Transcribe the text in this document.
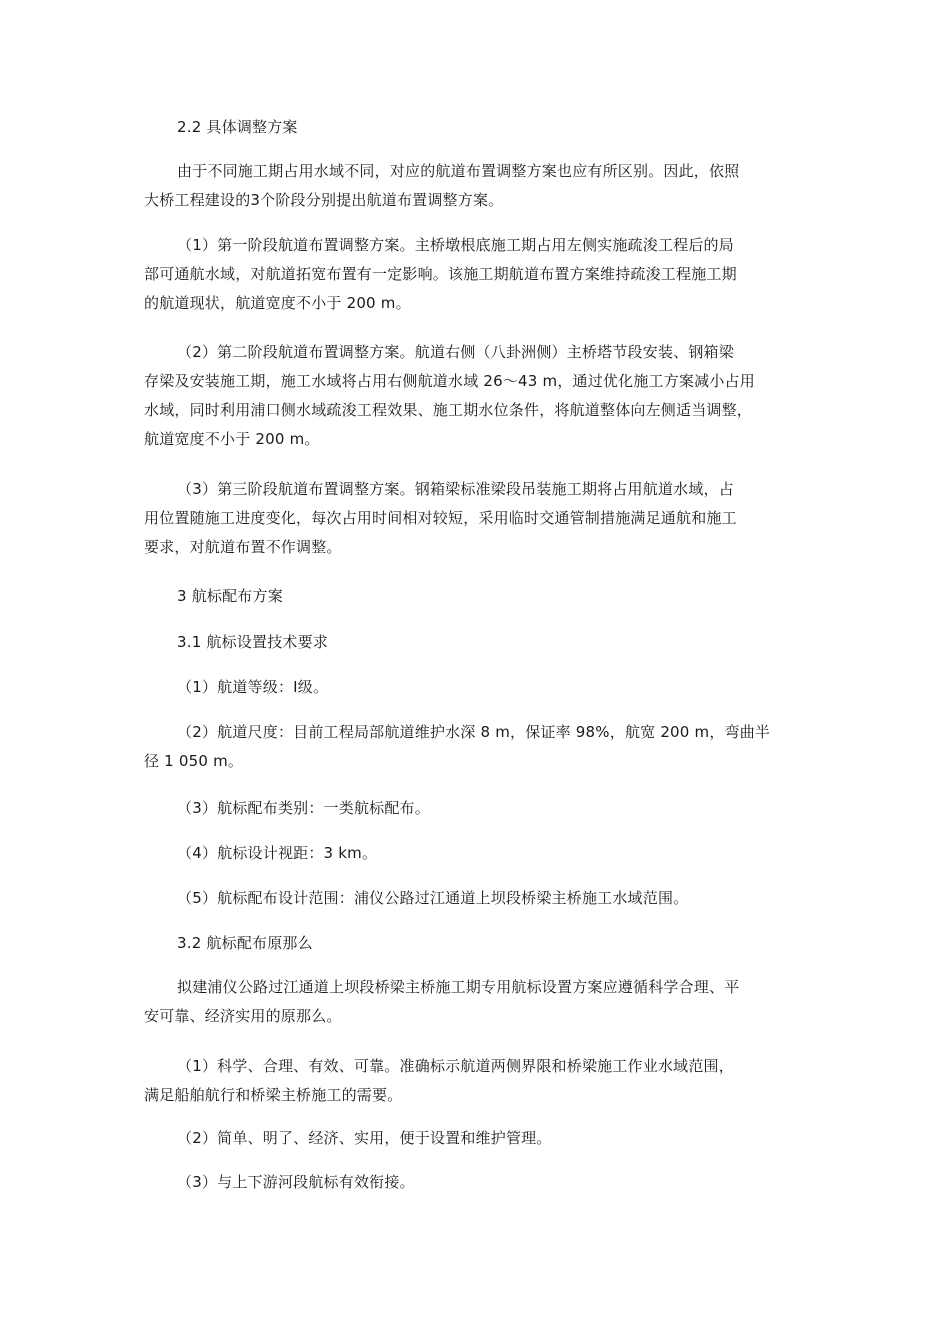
2.2 具体调整方案
由于不同施工期占用水域不同，对应的航道布置调整方案也应有所区别。因此，依照
大桥工程建设的3个阶段分别提出航道布置调整方案。
（1）第一阶段航道布置调整方案。主桥墩根底施工期占用左侧实施疏浚工程后的局
部可通航水域，对航道拓宽布置有一定影响。该施工期航道布置方案维持疏浚工程施工期
的航道现状，航道宽度不小于 200 m。
（2）第二阶段航道布置调整方案。航道右侧（八卦洲侧）主桥塔节段安装、钢箱梁
存梁及安装施工期，施工水域将占用右侧航道水域 26～43 m，通过优化施工方案减小占用
水域，同时利用浦口侧水域疏浚工程效果、施工期水位条件，将航道整体向左侧适当调整，
航道宽度不小于 200 m。
（3）第三阶段航道布置调整方案。钢箱梁标准梁段吊装施工期将占用航道水域，占
用位置随施工进度变化，每次占用时间相对较短，采用临时交通管制措施满足通航和施工
要求，对航道布置不作调整。
3 航标配布方案
3.1 航标设置技术要求
（1）航道等级：Ⅰ级。
（2）航道尺度：目前工程局部航道维护水深 8 m，保证率 98%，航宽 200 m，弯曲半
径 1 050 m。
（3）航标配布类别：一类航标配布。
（4）航标设计视距：3 km。
（5）航标配布设计范围：浦仪公路过江通道上坝段桥梁主桥施工水域范围。
3.2 航标配布原那么
拟建浦仪公路过江通道上坝段桥梁主桥施工期专用航标设置方案应遵循科学合理、平
安可靠、经济实用的原那么。
（1）科学、合理、有效、可靠。准确标示航道两侧界限和桥梁施工作业水域范围，
满足船舶航行和桥梁主桥施工的需要。
（2）简单、明了、经济、实用，便于设置和维护管理。
（3）与上下游河段航标有效衔接。
